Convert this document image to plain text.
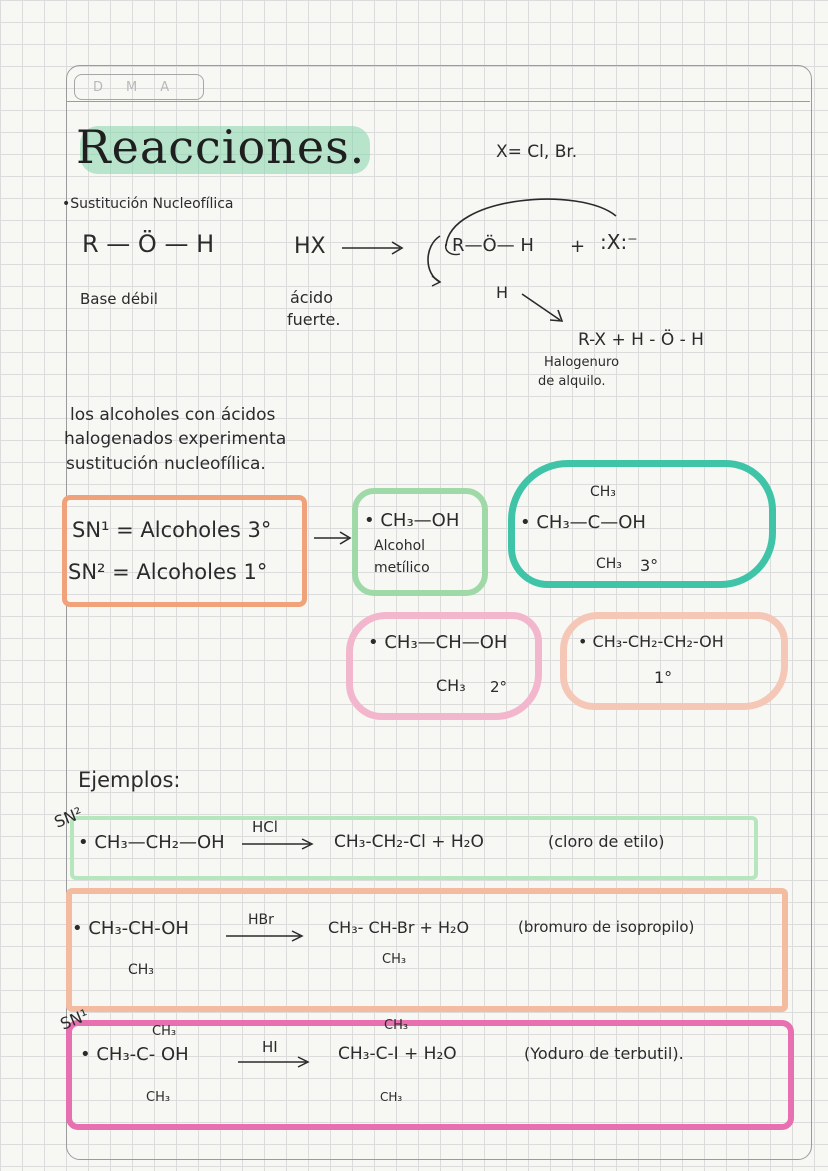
D M A
Reacciones.	X= Cl, Br.
•Sustitución Nucleofílica
R — Ö — H	HX
Base débil	ácido
fuerte.
R—Ö— H
H
+ :X:⁻
R-X + H - Ö - H
Halogenuro
de alquilo.
los alcoholes con ácidos
halogenados experimenta
sustitución nucleofílica.
SN¹ = Alcoholes 3°
SN² = Alcoholes 1°
• CH₃—OH
Alcohol
metílico
CH₃
• CH₃—C—OH
CH₃ 3°
• CH₃—CH—OH
CH₃ 2°
• CH₃-CH₂-CH₂-OH
1°
Ejemplos:
SN²
• CH₃—CH₂—OH
HCl
CH₃-CH₂-Cl + H₂O	(cloro de etilo)
• CH₃-CH-OH
CH₃
HBr	CH₃- CH-Br + H₂O
CH₃
(bromuro de isopropilo)
SN¹	CH₃
• CH₃-C- OH
CH₃
HI
CH₃
CH₃-C-I + H₂O
CH₃
(Yoduro de terbutil).
